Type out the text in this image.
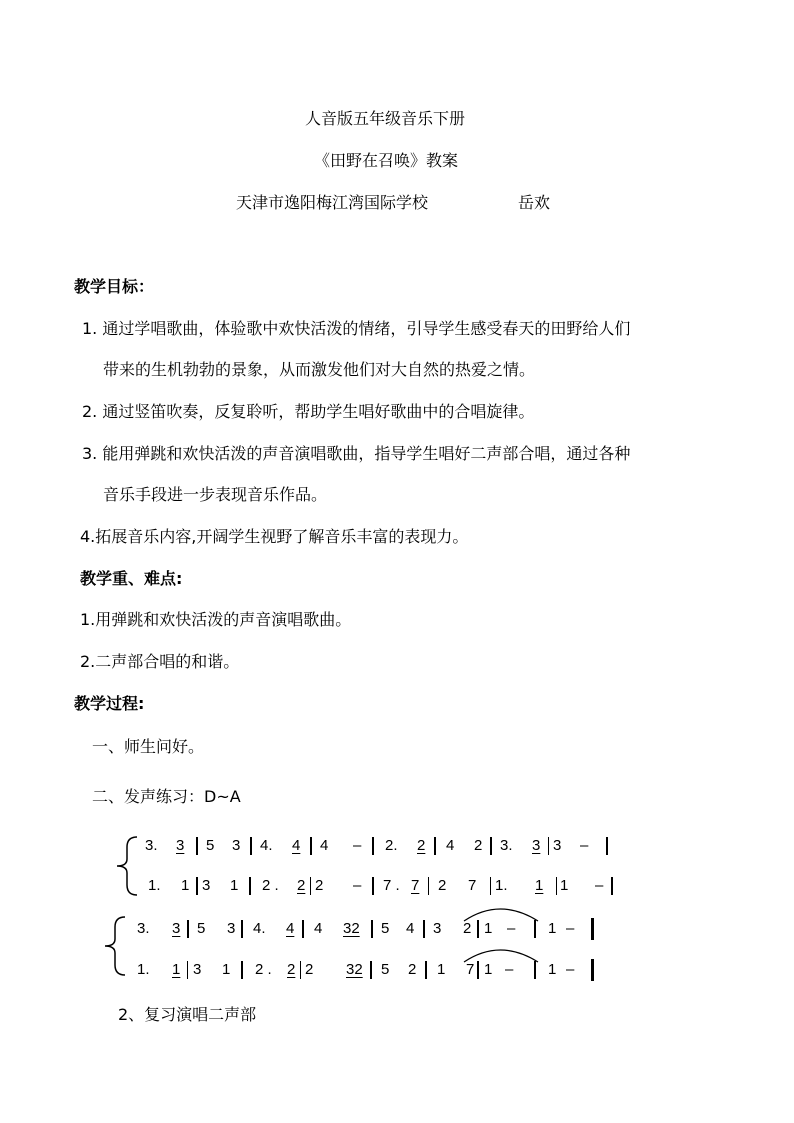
人音版五年级音乐下册
《田野在召唤》教案
天津市逸阳梅江湾国际学校	岳欢
教学目标：
1. 通过学唱歌曲，体验歌中欢快活泼的情绪，引导学生感受春天的田野给人们
带来的生机勃勃的景象，从而激发他们对大自然的热爱之情。
2. 通过竖笛吹奏，反复聆听，帮助学生唱好歌曲中的合唱旋律。
3. 能用弹跳和欢快活泼的声音演唱歌曲，指导学生唱好二声部合唱，通过各种
音乐手段进一步表现音乐作品。
4.拓展音乐内容,开阔学生视野了解音乐丰富的表现力。
教学重、难点:
1.用弹跳和欢快活泼的声音演唱歌曲。
2.二声部合唱的和谐。
教学过程:
一、师生问好。
二、发声练习：D~A
3. 3 5 3 4. 4 4 – 2. 2 4 2 3. 3 3 –
1. 1 3 1 2 . 2 2 – 7 . 7 2 7 1. 1 1 –
3. 3 5 3 4. 4 4 32 5 4 3 2 1 – 1 –
1. 1 3 1 2 . 2 2 32 5 2 1 7 1 – 1 –
2、复习演唱二声部
